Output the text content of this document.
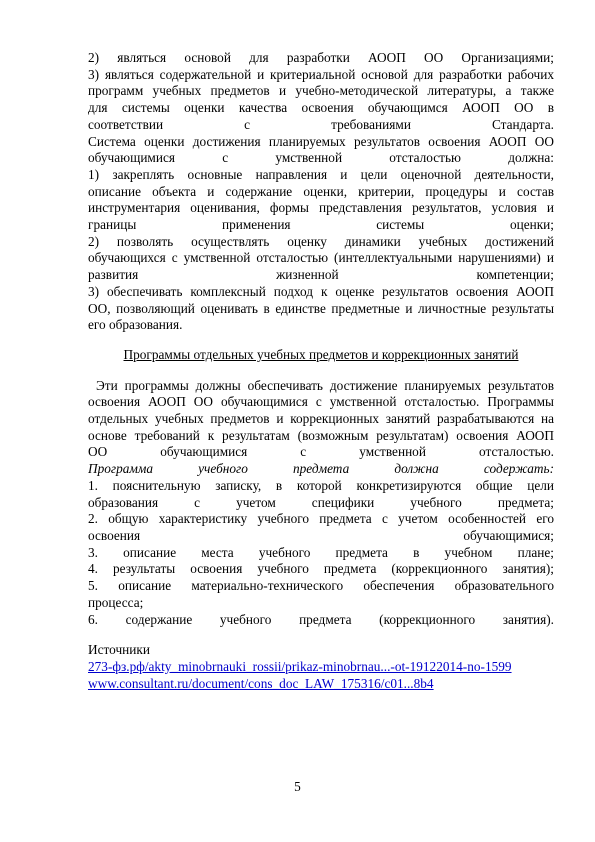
2) являться основой для разработки АООП ОО Организациями;
3) являться содержательной и критериальной основой для разработки рабочих
программ учебных предметов и учебно-методической литературы, а также
для системы оценки качества освоения обучающимся АООП ОО в
соответствии с требованиями Стандарта.
Система оценки достижения планируемых результатов освоения АООП ОО
обучающимися с умственной отсталостью должна:
1) закреплять основные направления и цели оценочной деятельности,
описание объекта и содержание оценки, критерии, процедуры и состав
инструментария оценивания, формы представления результатов, условия и
границы применения системы оценки;
2) позволять осуществлять оценку динамики учебных достижений
обучающихся с умственной отсталостью (интеллектуальными нарушениями) и
развития жизненной компетенции;
3) обеспечивать комплексный подход к оценке результатов освоения АООП
ОО, позволяющий оценивать в единстве предметные и личностные результаты
его образования.
Программы отдельных учебных предметов и коррекционных занятий
Эти программы должны обеспечивать достижение планируемых результатов
освоения АООП ОО обучающимися с умственной отсталостью. Программы
отдельных учебных предметов и коррекционных занятий разрабатываются на
основе требований к результатам (возможным результатам) освоения АООП
ОО обучающимися с умственной отсталостью.
Программа учебного предмета должна содержать:
1. пояснительную записку, в которой конкретизируются общие цели
образования с учетом специфики учебного предмета;
2. общую характеристику учебного предмета с учетом особенностей его
освоения обучающимися;
3. описание места учебного предмета в учебном плане;
4. результаты освоения учебного предмета (коррекционного занятия);
5. описание материально-технического обеспечения образовательного
процесса;
6. содержание учебного предмета (коррекционного занятия).
Источники
273-фз.рф/akty_minobrnauki_rossii/prikaz-minobrnau...-ot-19122014-no-1599
www.consultant.ru/document/cons_doc_LAW_175316/c01...8b4
5
